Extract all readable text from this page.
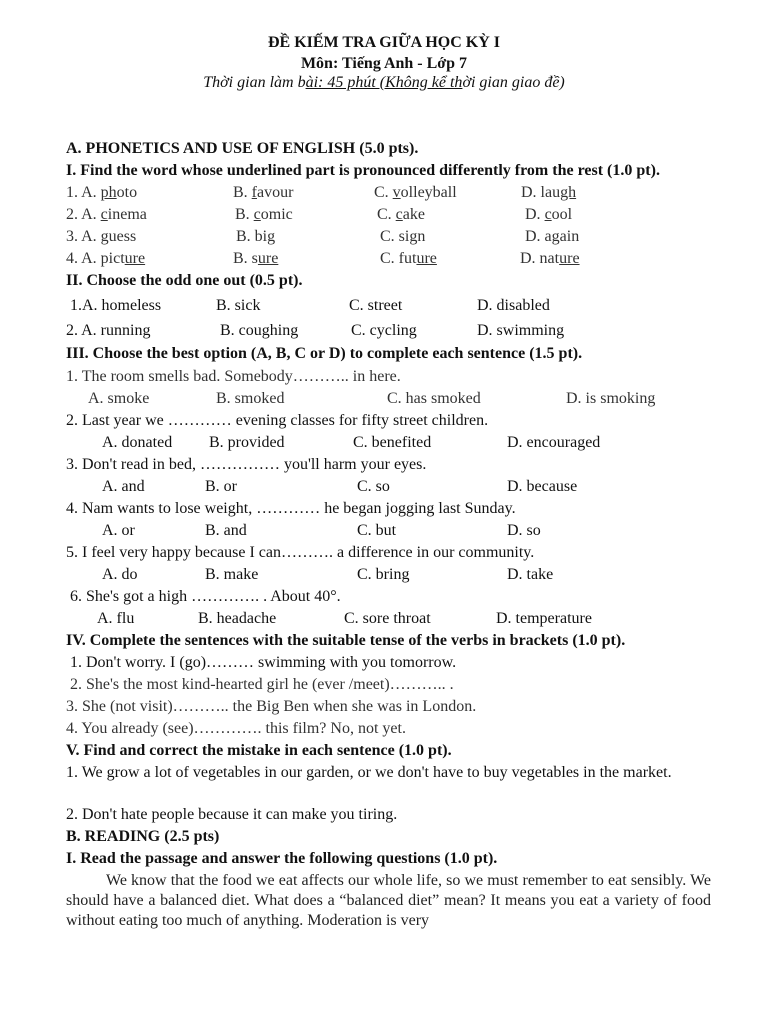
ĐỀ KIẾM TRA GIỮA HỌC KỲ I
Môn: Tiếng Anh - Lớp 7
Thời gian làm bài: 45 phút (Không kể thời gian giao đề)
A. PHONETICS AND USE OF ENGLISH (5.0 pts).
I. Find the word whose underlined part is pronounced differently from the rest (1.0 pt).
1. A. photo	B. favour	C. volleyball	D. laugh
2. A. cinema	B. comic	C. cake	D. cool
3. A. guess	B. big	C. sign	D. again
4. A. picture	B. sure	C. future	D. nature
II. Choose the odd one out (0.5 pt).
1.A. homeless	B. sick	C. street	D. disabled
2. A. running	B. coughing	C. cycling	D. swimming
III. Choose the best option (A, B, C or D) to complete each sentence (1.5 pt).
1. The room smells bad. Somebody……….. in here.
A. smoke	B. smoked	C. has smoked	D. is smoking
2. Last year we ………… evening classes for fifty street children.
A. donated B. provided	C. benefited	D. encouraged
3. Don't read in bed, …………… you'll harm your eyes.
A. and	B. or	C. so	D. because
4. Nam wants to lose weight, ………… he began jogging last Sunday.
A. or	B. and	C. but	D. so
5. I feel very happy because I can………. a difference in our community.
A. do	B. make	C. bring	D. take
6. She's got a high …………. . About 40°.
A. flu	B. headache	C. sore throat	D. temperature
IV. Complete the sentences with the suitable tense of the verbs in brackets (1.0 pt).
1. Don't worry. I (go)……… swimming with you tomorrow.
2. She's the most kind-hearted girl he (ever /meet)……….. .
3. She (not visit)……….. the Big Ben when she was in London.
4. You already (see)…………. this film? No, not yet.
V. Find and correct the mistake in each sentence (1.0 pt).
1. We grow a lot of vegetables in our garden, or we don't have to buy vegetables in the market.
2. Don't hate people because it can make you tiring.
B. READING (2.5 pts)
I. Read the passage and answer the following questions (1.0 pt).
We know that the food we eat affects our whole life, so we must remember to eat sensibly. We should have a balanced diet. What does a “balanced diet” mean? It means you eat a variety of food without eating too much of anything. Moderation is very
